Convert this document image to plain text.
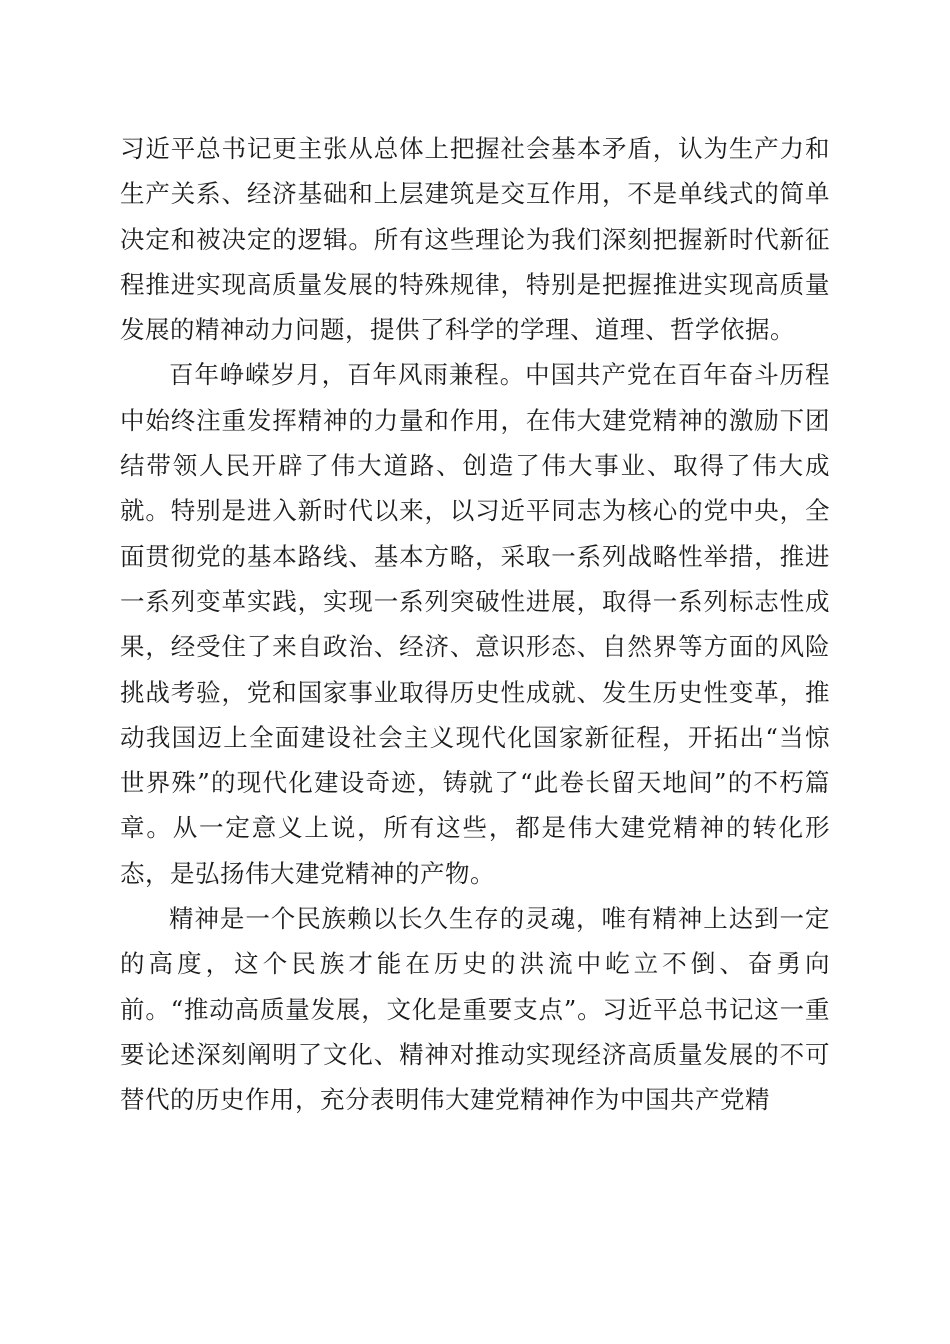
习近平总书记更主张从总体上把握社会基本矛盾，认为生产力和生产关系、经济基础和上层建筑是交互作用，不是单线式的简单决定和被决定的逻辑。所有这些理论为我们深刻把握新时代新征程推进实现高质量发展的特殊规律，特别是把握推进实现高质量发展的精神动力问题，提供了科学的学理、道理、哲学依据。

百年峥嵘岁月，百年风雨兼程。中国共产党在百年奋斗历程中始终注重发挥精神的力量和作用，在伟大建党精神的激励下团结带领人民开辟了伟大道路、创造了伟大事业、取得了伟大成就。特别是进入新时代以来，以习近平同志为核心的党中央，全面贯彻党的基本路线、基本方略，采取一系列战略性举措，推进一系列变革实践，实现一系列突破性进展，取得一系列标志性成果，经受住了来自政治、经济、意识形态、自然界等方面的风险挑战考验，党和国家事业取得历史性成就、发生历史性变革，推动我国迈上全面建设社会主义现代化国家新征程，开拓出“当惊世界殊”的现代化建设奇迹，铸就了“此卷长留天地间”的不朽篇章。从一定意义上说，所有这些，都是伟大建党精神的转化形态，是弘扬伟大建党精神的产物。

精神是一个民族赖以长久生存的灵魂，唯有精神上达到一定的高度，这个民族才能在历史的洪流中屹立不倒、奋勇向前。“推动高质量发展，文化是重要支点”。习近平总书记这一重要论述深刻阐明了文化、精神对推动实现经济高质量发展的不可替代的历史作用，充分表明伟大建党精神作为中国共产党精
